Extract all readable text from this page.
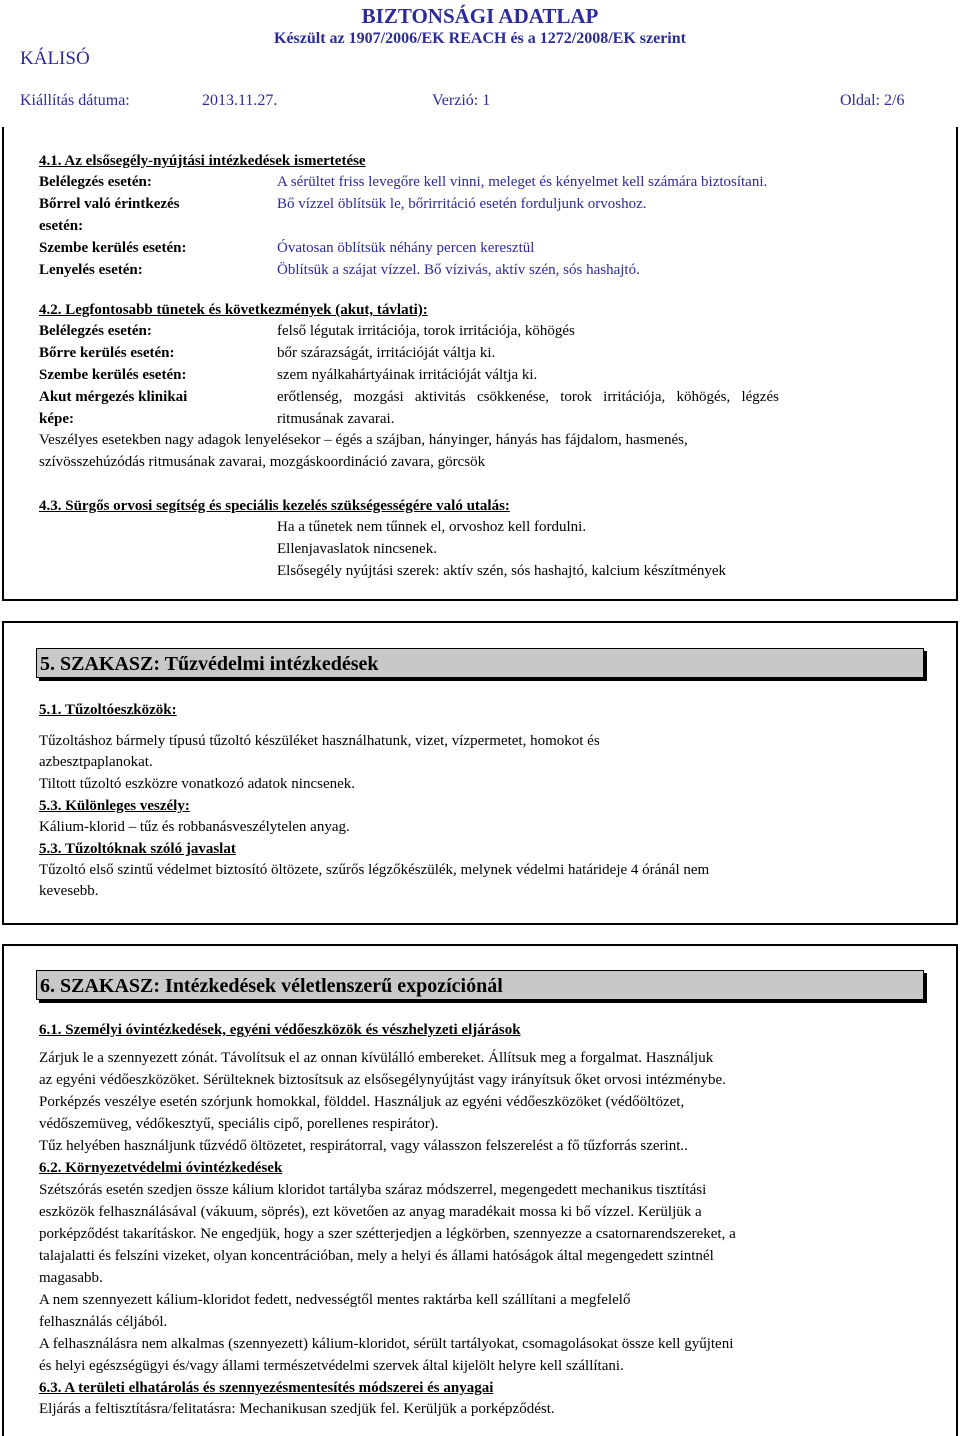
BIZTONSÁGI ADATLAP
Készült az 1907/2006/EK REACH és a 1272/2008/EK szerint
KÁLISÓ
Kiállítás dátuma:	2013.11.27.	Verzió: 1	Oldal: 2/6
4.1. Az elsősegély-nyújtási intézkedések ismertetése
Belélegzés esetén:	A sérültet friss levegőre kell vinni, meleget és kényelmet kell számára biztosítani.
Bőrrel való érintkezés	Bő vízzel öblítsük le, bőrirritáció esetén forduljunk orvoshoz.
esetén:
Szembe kerülés esetén:	Óvatosan öblítsük néhány percen keresztül
Lenyelés esetén:	Öblítsük a szájat vízzel. Bő vízivás, aktív szén, sós hashajtó.
4.2. Legfontosabb tünetek és következmények (akut, távlati):
Belélegzés esetén:	felső légutak irritációja, torok irritációja, köhögés
Bőrre kerülés esetén:	bőr szárazságát, irritációját váltja ki.
Szembe kerülés esetén:	szem nyálkahártyáinak irritációját váltja ki.
Akut mérgezés klinikai	erőtlenség,   mozgási   aktivitás   csökkenése,   torok   irritációja,   köhögés,   légzés
képe:	ritmusának zavarai.
Veszélyes esetekben nagy adagok lenyelésekor – égés a szájban, hányinger, hányás has fájdalom, hasmenés,
szívösszehúzódás ritmusának zavarai, mozgáskoordináció zavara, görcsök
4.3. Sürgős orvosi segítség és speciális kezelés szükségességére való utalás:
Ha a tűnetek nem tűnnek el, orvoshoz kell fordulni.
Ellenjavaslatok nincsenek.
Elsősegély nyújtási szerek: aktív szén, sós hashajtó, kalcium készítmények
5. SZAKASZ: Tűzvédelmi intézkedések
5.1. Tűzoltóeszközök:
Tűzoltáshoz bármely típusú tűzoltó készüléket használhatunk, vizet, vízpermetet, homokot és
azbesztpaplanokat.
Tiltott tűzoltó eszközre vonatkozó adatok nincsenek.
5.3. Különleges veszély:
Kálium-klorid – tűz és robbanásveszélytelen anyag.
5.3. Tűzoltóknak szóló javaslat
Tűzoltó első szintű védelmet biztosító öltözete, szűrős légzőkészülék, melynek védelmi határideje 4 óránál nem
kevesebb.
6. SZAKASZ: Intézkedések véletlenszerű expozíciónál
6.1. Személyi óvintézkedések, egyéni védőeszközök és vészhelyzeti eljárások
Zárjuk le a szennyezett zónát. Távolítsuk el az onnan kívülálló embereket. Állítsuk meg a forgalmat. Használjuk
az egyéni védőeszközöket. Sérülteknek biztosítsuk az elsősegélynyújtást vagy irányítsuk őket orvosi intézménybe.
Porképzés veszélye esetén szórjunk homokkal, földdel. Használjuk az egyéni védőeszközöket (védőöltözet,
védőszemüveg, védőkesztyű, speciális cipő, porellenes respirátor).
Tűz helyében használjunk tűzvédő öltözetet, respirátorral, vagy válasszon felszerelést a fő tűzforrás szerint..
6.2. Környezetvédelmi óvintézkedések
Szétszórás esetén szedjen össze kálium kloridot tartályba száraz módszerrel, megengedett mechanikus tisztítási
eszközök felhasználásával (vákuum, söprés), ezt követően az anyag maradékait mossa ki bő vízzel. Kerüljük a
porképződést takarításkor. Ne engedjük, hogy a szer szétterjedjen a légkörben, szennyezze a csatornarendszereket, a
talajalatti és felszíni vizeket, olyan koncentrációban, mely a helyi és állami hatóságok által megengedett szintnél
magasabb.
A nem szennyezett kálium-kloridot fedett, nedvességtől mentes raktárba kell szállítani a megfelelő
felhasználás céljából.
A felhasználásra nem alkalmas (szennyezett) kálium-kloridot, sérült tartályokat, csomagolásokat össze kell gyűjteni
és helyi egészségügyi és/vagy állami természetvédelmi szervek által kijelölt helyre kell szállítani.
6.3. A területi elhatárolás és szennyezésmentesítés módszerei és anyagai
Eljárás a feltisztításra/felitatásra: Mechanikusan szedjük fel. Kerüljük a porképződést.
